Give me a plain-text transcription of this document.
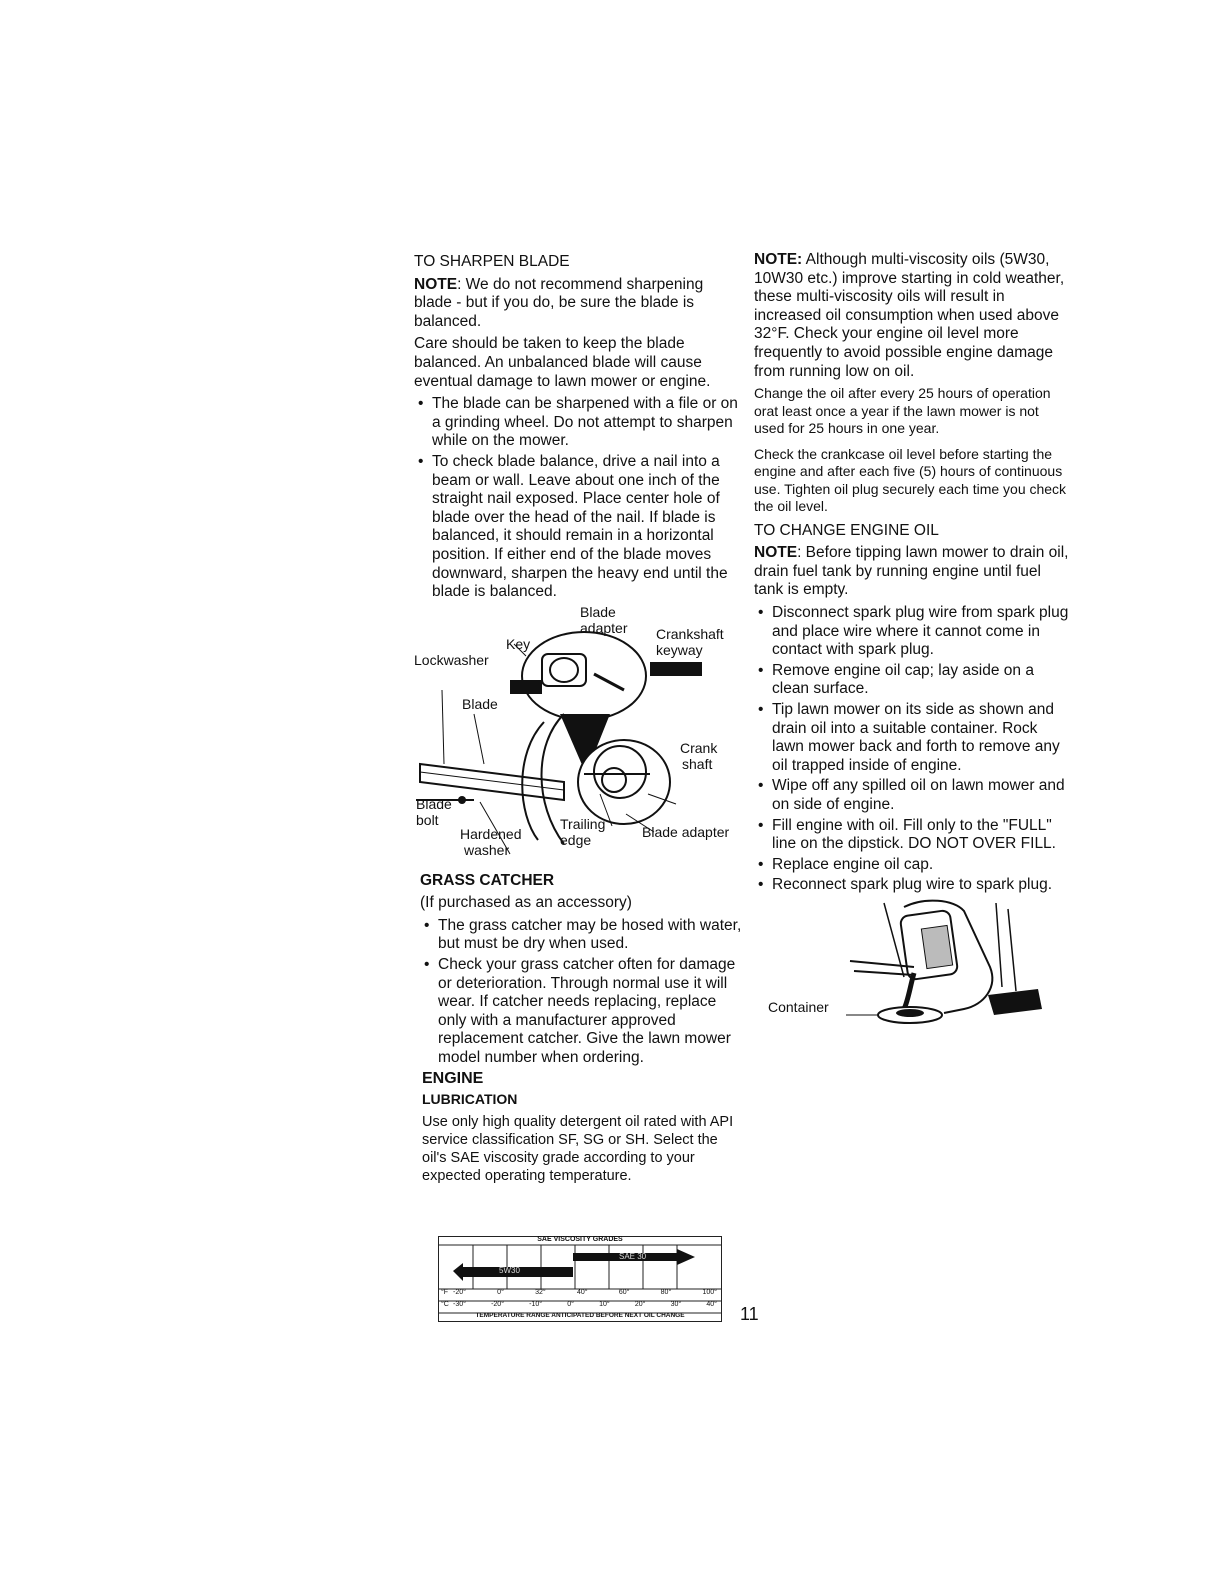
TO SHARPEN BLADE

NOTE: We do not recommend sharpening blade - but if you do, be sure the blade is balanced.

Care should be taken to keep the blade balanced. An unbalanced blade will cause eventual damage to lawn mower or engine.

• The blade can be sharpened with a file or on a grinding wheel. Do not attempt to sharpen while on the mower.
• To check blade balance, drive a nail into a beam or wall. Leave about one inch of the straight nail exposed. Place center hole of blade over the head of the nail. If blade is balanced, it should remain in a horizontal position. If either end of the blade moves downward, sharpen the heavy end until the blade is balanced.
Blade
adapter Crankshaft
keyway
Key
Lockwasher
Blade
Crank
shaft
Blade
bolt
Hardened
washer
Trailing
edge	Blade adapter

GRASS CATCHER

(If purchased as an accessory)

• The grass catcher may be hosed with water, but must be dry when used.
• Check your grass catcher often for damage or deterioration. Through normal use it will wear. If catcher needs replacing, replace only with a manufacturer approved replacement catcher. Give the lawn mower model number when ordering.

ENGINE

LUBRICATION

Use only high quality detergent oil rated with API service classification SF, SG or SH. Select the oil's SAE viscosity grade according to your expected operating temperature.

SAE VISCOSITY GRADES
5W30
SAE 30
°F -20°	0°	32°	40°	60°	80°	100°
°C -30°	-20°	-10°	0°	10°	20°	30°	40°
TEMPERATURE RANGE ANTICIPATED BEFORE NEXT OIL CHANGE	11

NOTE: Although multi-viscosity oils (5W30, 10W30 etc.) improve starting in cold weather, these multi-viscosity oils will result in increased oil consumption when used above 32°F. Check your engine oil level more frequently to avoid possible engine damage from running low on oil.

Change the oil after every 25 hours of operation orat least once a year if the lawn mower is not used for 25 hours in one year.

Check the crankcase oil level before starting the engine and after each five (5) hours of continuous use. Tighten oil plug securely each time you check the oil level.

TO CHANGE ENGINE OIL

NOTE: Before tipping lawn mower to drain oil, drain fuel tank by running engine until fuel tank is empty.

• Disconnect spark plug wire from spark plug and place wire where it cannot come in contact with spark plug.
• Remove engine oil cap; lay aside on a clean surface.
• Tip lawn mower on its side as shown and drain oil into a suitable container. Rock lawn mower back and forth to remove any oil trapped inside of engine.
• Wipe off any spilled oil on lawn mower and on side of engine.
• Fill engine with oil. Fill only to the "FULL" line on the dipstick. DO NOT OVER FILL.
• Replace engine oil cap.
• Reconnect spark plug wire to spark plug.
Container
